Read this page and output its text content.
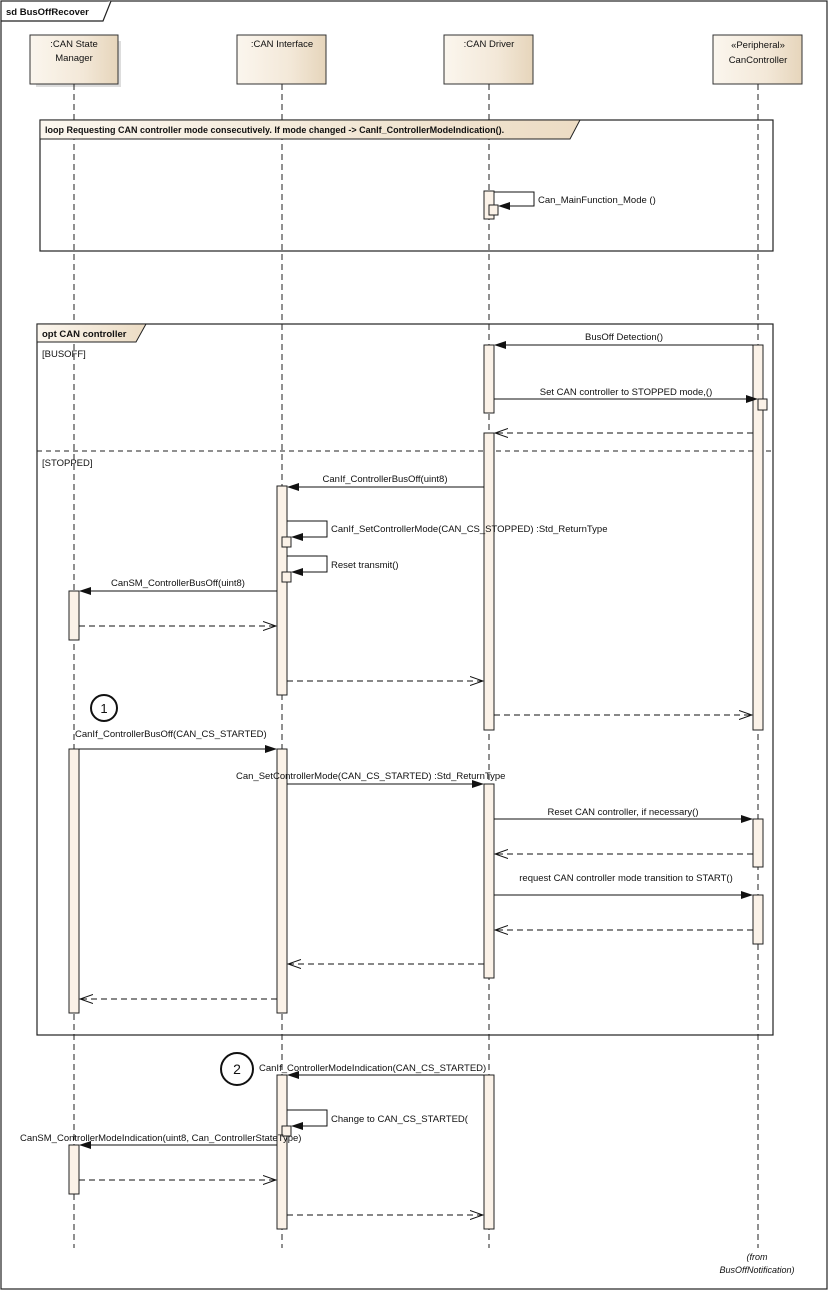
sd BusOffRecover
:CAN State
Manager
:CAN Interface	:CAN Driver	«Peripheral»
CanController
loop Requesting CAN controller mode consecutively. If mode changed -> CanIf_ControllerModeIndication().
Can_MainFunction_Mode ()
opt CAN controller
[BUSOFF]
[STOPPED]
BusOff Detection()
Set CAN controller to STOPPED mode,()
CanIf_ControllerBusOff(uint8)
CanIf_SetControllerMode(CAN_CS_STOPPED) :Std_ReturnType
Reset transmit()
CanSM_ControllerBusOff(uint8)
1
CanIf_ControllerBusOff(CAN_CS_STARTED)
Can_SetControllerMode(CAN_CS_STARTED) :Std_ReturnType
Reset CAN controller, if necessary()
request CAN controller mode transition to START()
2 CanIf_ControllerModeIndication(CAN_CS_STARTED)
Change to CAN_CS_STARTED(
CanSM_ControllerModeIndication(uint8, Can_ControllerStateType)
(from
BusOffNotification)
